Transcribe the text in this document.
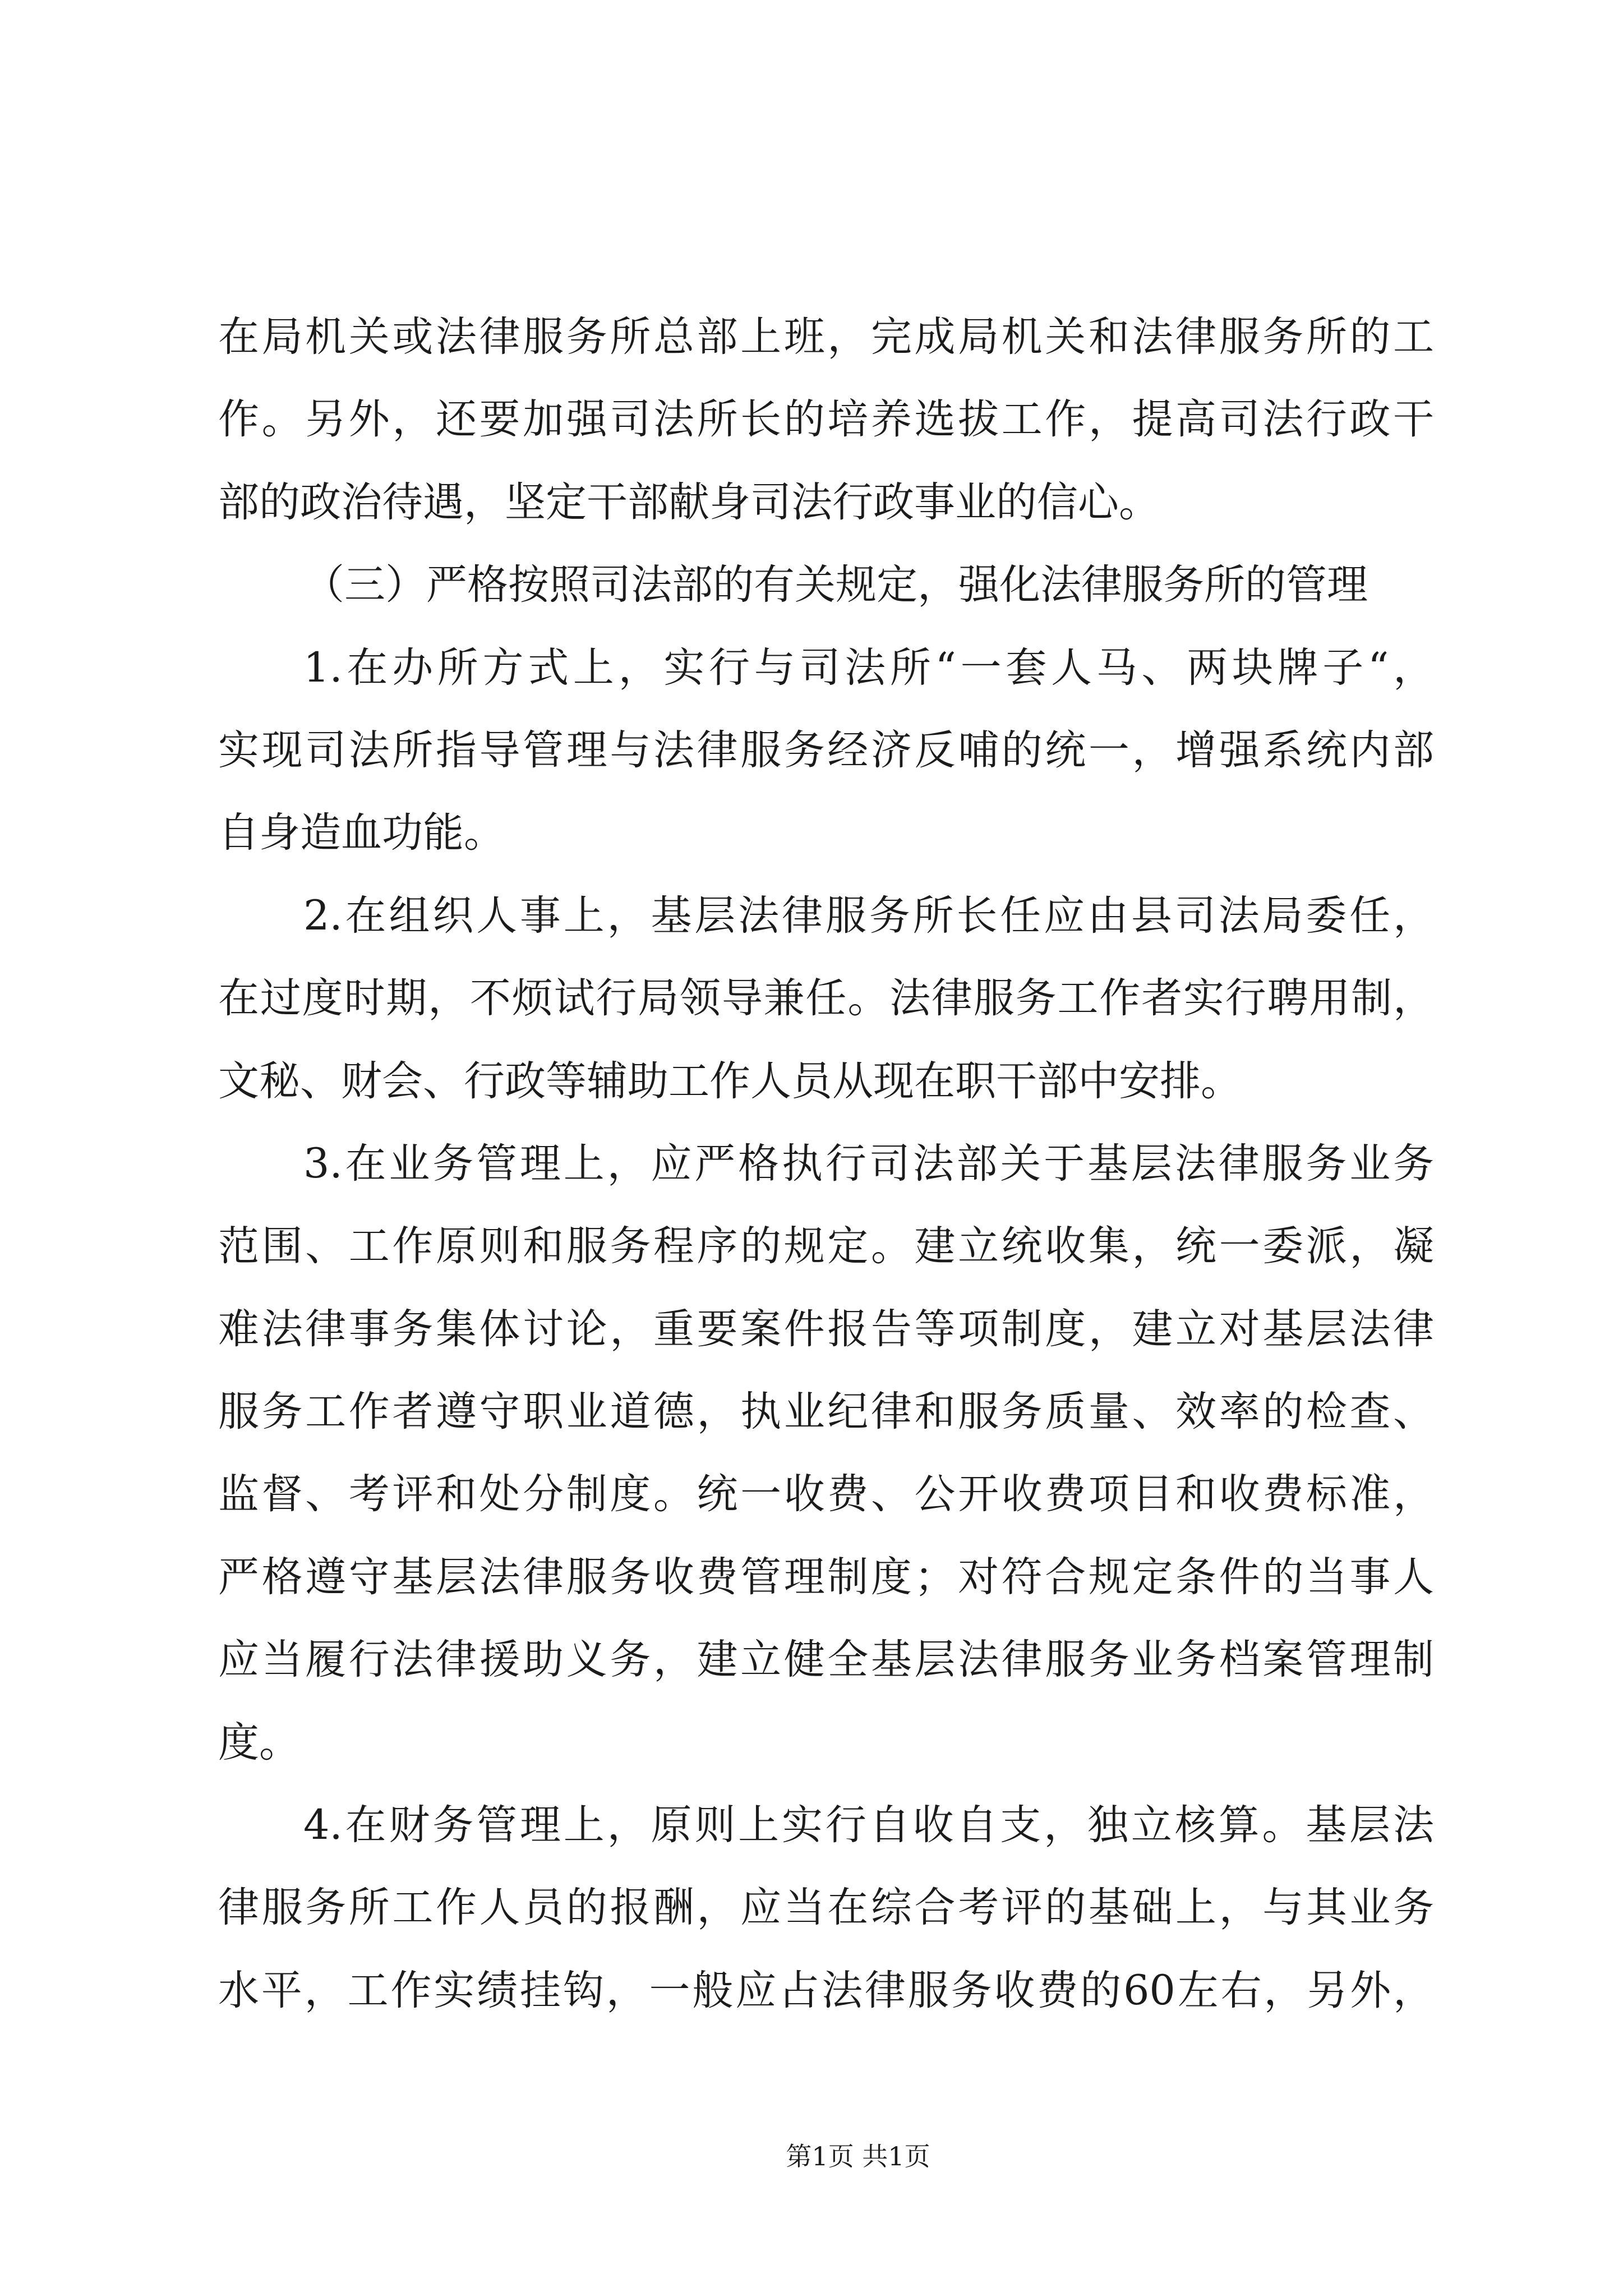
在局机关或法律服务所总部上班，完成局机关和法律服务所的工
作。另外，还要加强司法所长的培养选拔工作，提高司法行政干
部的政治待遇，坚定干部献身司法行政事业的信心。
（三）严格按照司法部的有关规定，强化法律服务所的管理
1.在办所方式上，实行与司法所“一套人马、两块牌子“，
实现司法所指导管理与法律服务经济反哺的统一，增强系统内部
自身造血功能。
2.在组织人事上，基层法律服务所长任应由县司法局委任，
在过度时期，不烦试行局领导兼任。法律服务工作者实行聘用制，
文秘、财会、行政等辅助工作人员从现在职干部中安排。
3.在业务管理上，应严格执行司法部关于基层法律服务业务
范围、工作原则和服务程序的规定。建立统收集，统一委派，凝
难法律事务集体讨论，重要案件报告等项制度，建立对基层法律
服务工作者遵守职业道德，执业纪律和服务质量、效率的检查、
监督、考评和处分制度。统一收费、公开收费项目和收费标准，
严格遵守基层法律服务收费管理制度；对符合规定条件的当事人
应当履行法律援助义务，建立健全基层法律服务业务档案管理制
度。
4.在财务管理上，原则上实行自收自支，独立核算。基层法
律服务所工作人员的报酬，应当在综合考评的基础上，与其业务
水平，工作实绩挂钩，一般应占法律服务收费的60左右，另外，
第1页 共1页
